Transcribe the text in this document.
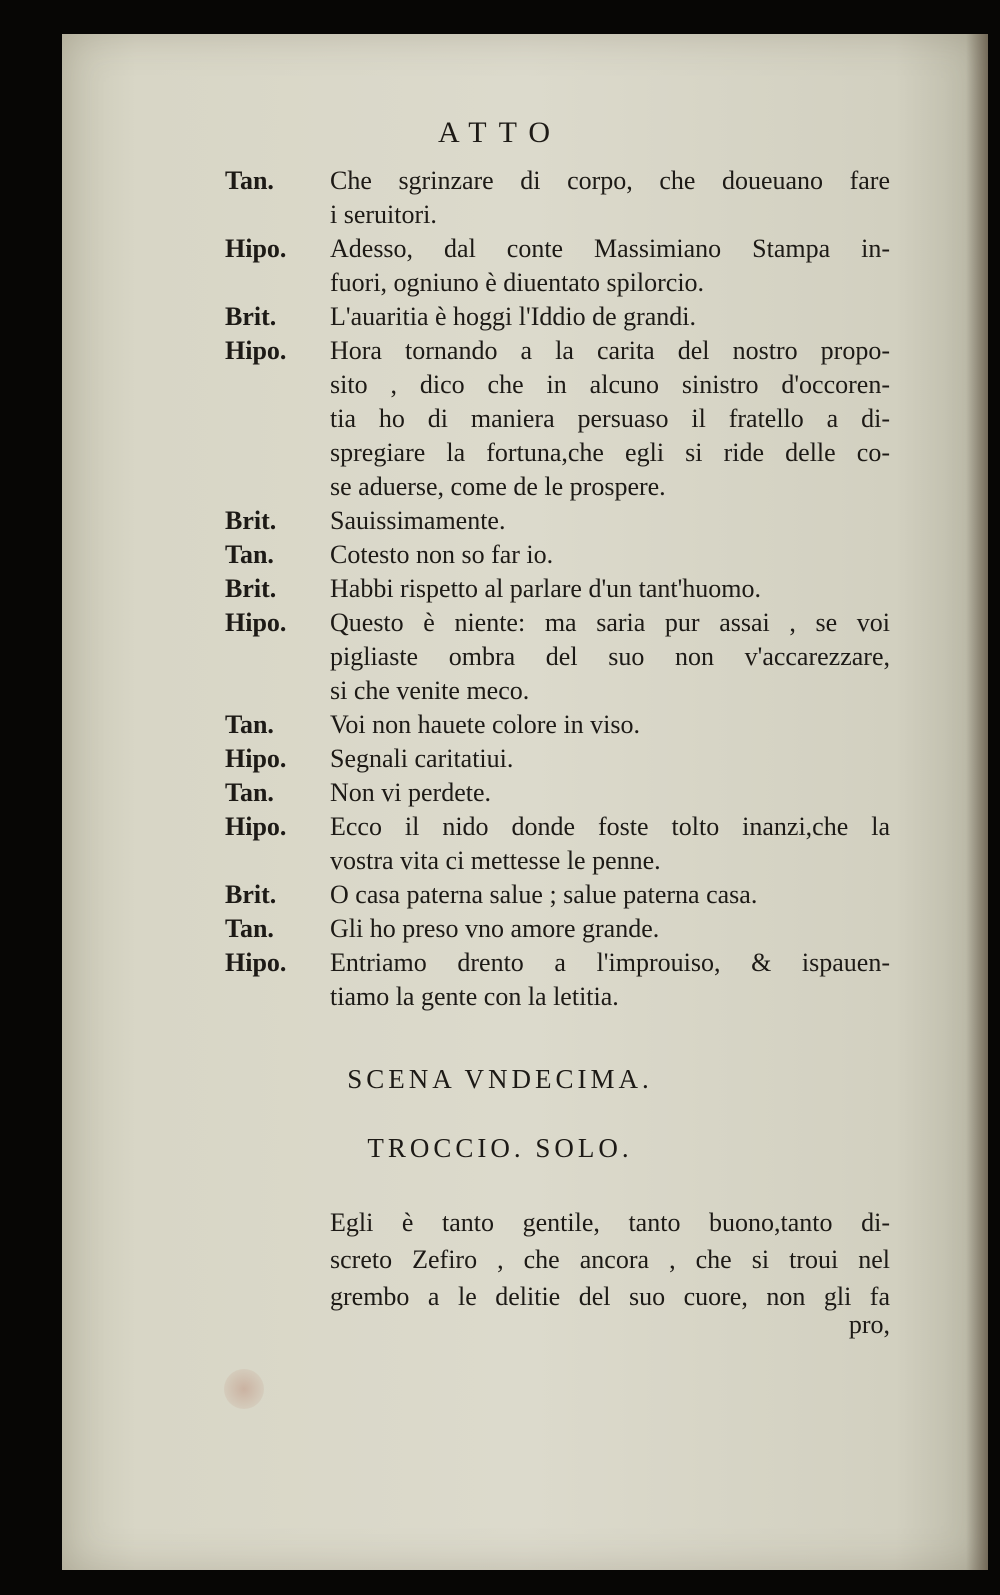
ATTO
Tan.	Che sgrinzare di corpo, che doueuano fare
i seruitori.
Hipo.	Adesso, dal conte Massimiano Stampa in-
fuori, ogniuno è diuentato spilorcio.
Brit.	L'auaritia è hoggi l'Iddio de grandi.
Hipo.	Hora tornando a la carita del nostro propo-
sito , dico che in alcuno sinistro d'occoren-
tia ho di maniera persuaso il fratello a di-
spregiare la fortuna,che egli si ride delle co-
se aduerse, come de le prospere.
Brit.	Sauissimamente.
Tan.	Cotesto non so far io.
Brit.	Habbi rispetto al parlare d'un tant'huomo.
Hipo.	Questo è niente: ma saria pur assai , se voi
pigliaste ombra del suo non v'accarezzare,
si che venite meco.
Tan.	Voi non hauete colore in viso.
Hipo.	Segnali caritatiui.
Tan.	Non vi perdete.
Hipo.	Ecco il nido donde foste tolto inanzi,che la
vostra vita ci mettesse le penne.
Brit.	O casa paterna salue ; salue paterna casa.
Tan.	Gli ho preso vno amore grande.
Hipo.	Entriamo drento a l'improuiso, & ispauen-
tiamo la gente con la letitia.
SCENA VNDECIMA.
TROCCIO. SOLO.
Egli è tanto gentile, tanto buono,tanto di-
screto Zefiro , che ancora , che si troui nel
grembo a le delitie del suo cuore, non gli fa
pro,
